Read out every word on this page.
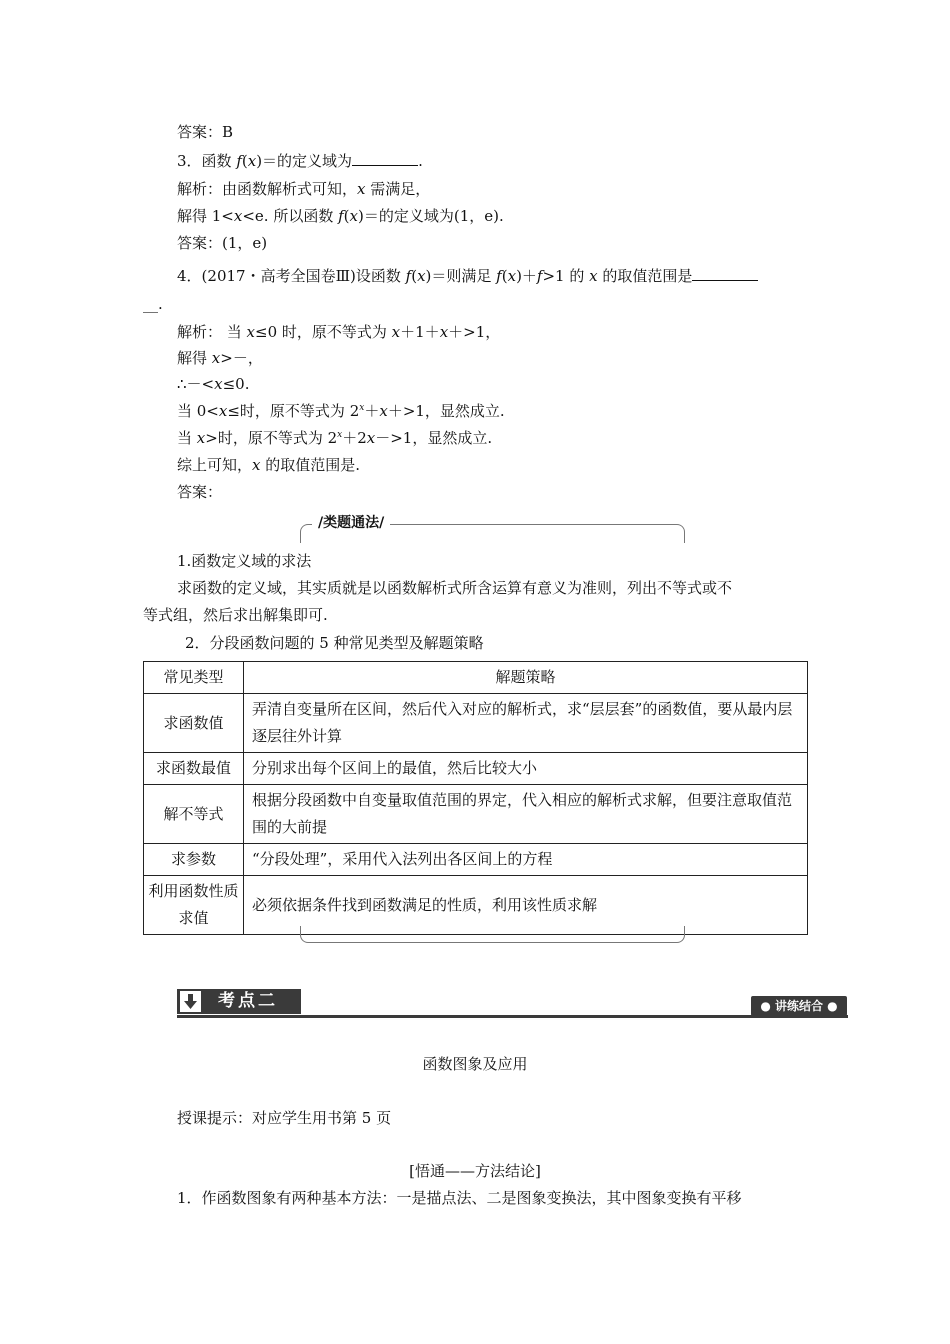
答案：B
3．函数 f(x)＝的定义域为	.
解析：由函数解析式可知，x 需满足，
解得 1<x<e. 所以函数 f(x)＝的定义域为(1，e).
答案：(1，e)
4．(2017・高考全国卷Ⅲ)设函数 f(x)＝则满足 f(x)＋f>1 的 x 的取值范围是
__.
解析： 当 x≤0 时，原不等式为 x＋1＋x＋>1，
解得 x>－，
∴－<x≤0.
当 0<x≤时，原不等式为 $2^x+x+>1$，显然成立.
当 x>时，原不等式为 $2^x+2x->1$，显然成立.
综上可知，x 的取值范围是.
答案：
/类题通法/
1.函数定义域的求法
求函数的定义域，其实质就是以函数解析式所含运算有意义为准则，列出不等式或不
等式组，然后求出解集即可.
2．分段函数问题的 5 种常见类型及解题策略
常见类型	解题策略
求函数值	弄清自变量所在区间，然后代入对应的解析式，求“层层套”的函数值，要从最内层逐层往外计算
求函数最值	分别求出每个区间上的最值，然后比较大小
解不等式	根据分段函数中自变量取值范围的界定，代入相应的解析式求解，但要注意取值范围的大前提
求参数	“分段处理”，采用代入法列出各区间上的方程
利用函数性质求值	必须依据条件找到函数满足的性质，利用该性质求解
考点二	● 讲练结合 ●
函数图象及应用
授课提示：对应学生用书第 5 页
[悟通——方法结论]
1．作函数图象有两种基本方法：一是描点法、二是图象变换法，其中图象变换有平移
